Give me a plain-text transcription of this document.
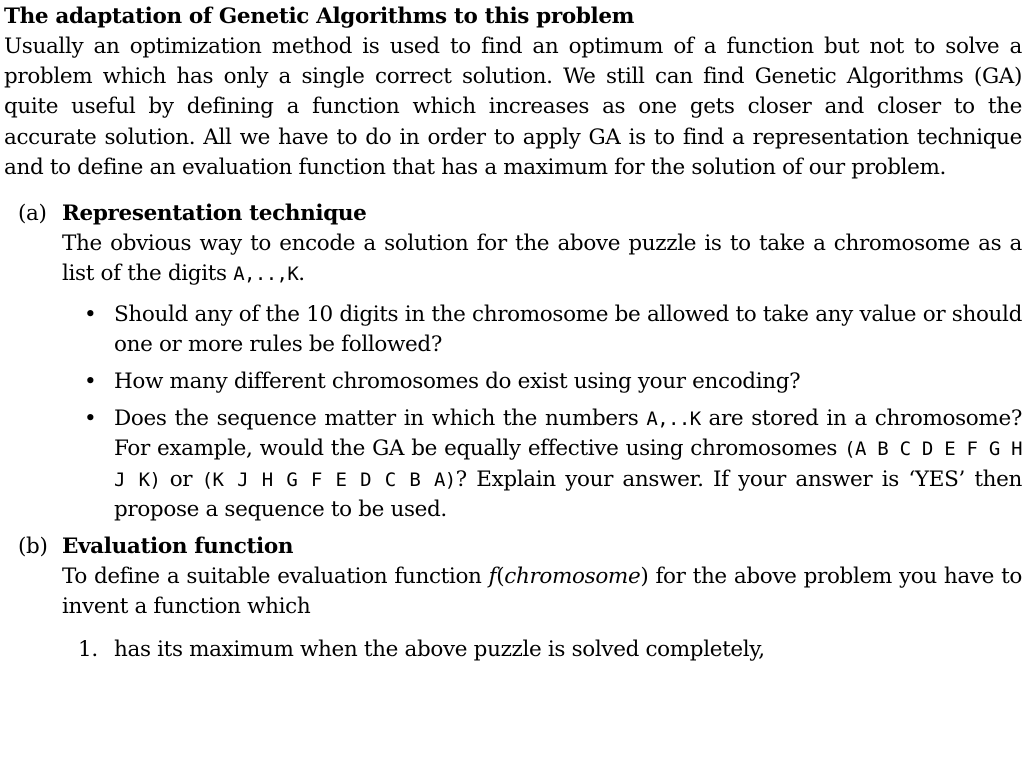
The adaptation of Genetic Algorithms to this problem

Usually an optimization method is used to find an optimum of a function but not to solve a problem which has only a single correct solution. We still can find Genetic Algorithms (GA) quite useful by defining a function which increases as one gets closer and closer to the accurate solution. All we have to do in order to apply GA is to find a representation technique and to define an evaluation function that has a maximum for the solution of our problem.

(a) Representation technique
The obvious way to encode a solution for the above puzzle is to take a chromosome as a list of the digits A,..,K.
• Should any of the 10 digits in the chromosome be allowed to take any value or should one or more rules be followed?
• How many different chromosomes do exist using your encoding?
• Does the sequence matter in which the numbers A,..K are stored in a chromosome? For example, would the GA be equally effective using chromosomes (A B C D E F G H J K) or (K J H G F E D C B A)? Explain your answer. If your answer is ‘YES’ then propose a sequence to be used.
(b) Evaluation function
To define a suitable evaluation function f(chromosome) for the above problem you have to invent a function which
1. has its maximum when the above puzzle is solved completely,
